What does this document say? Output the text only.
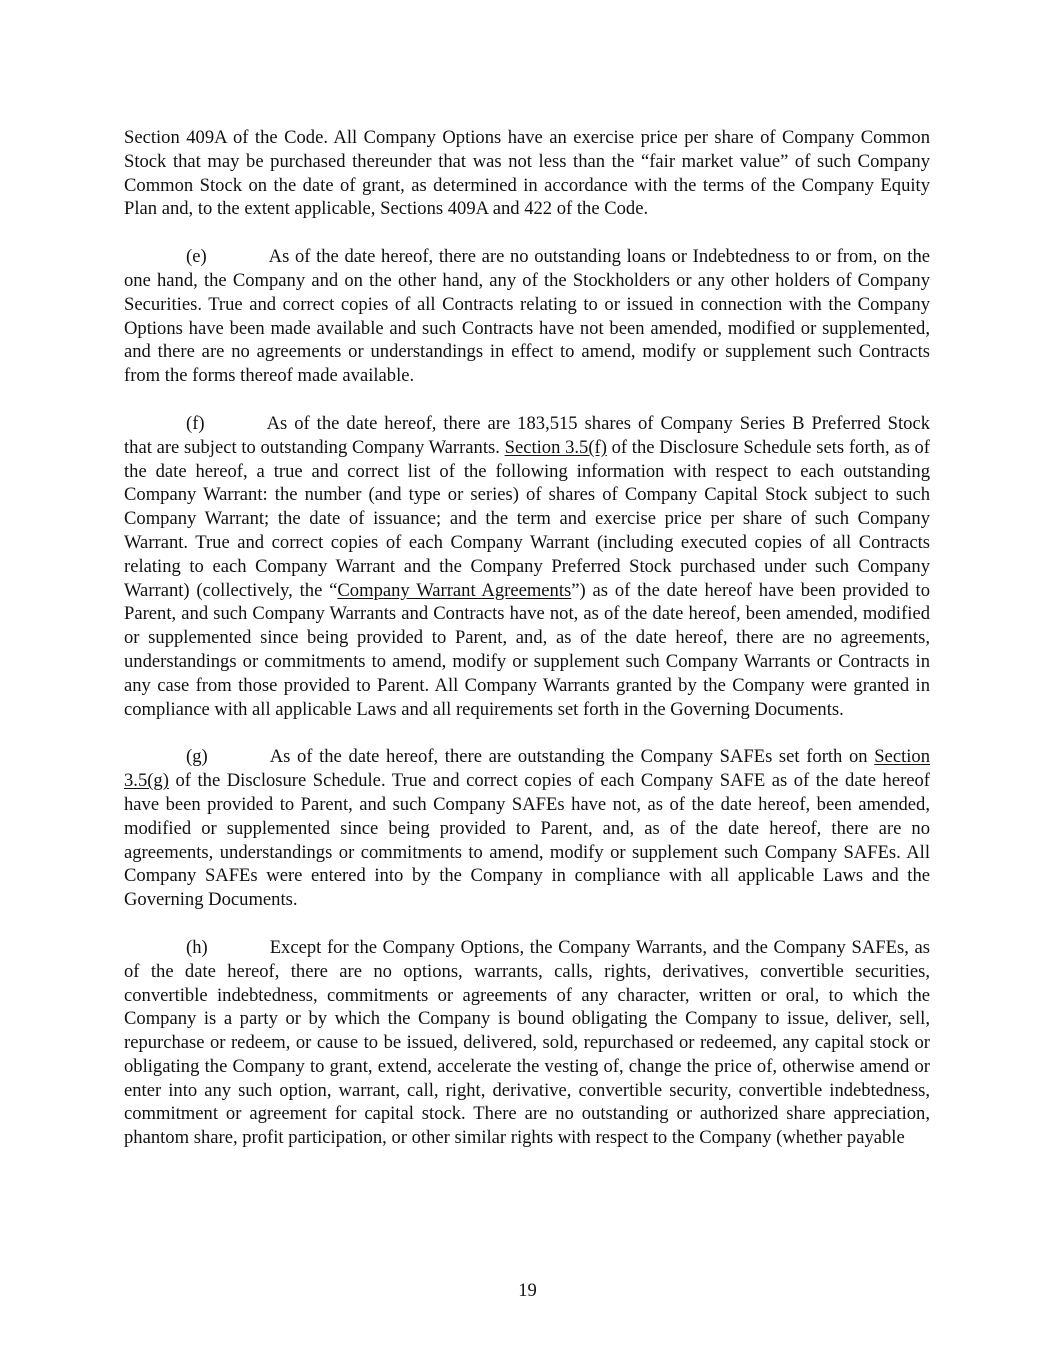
Section 409A of the Code. All Company Options have an exercise price per share of Company Common Stock that may be purchased thereunder that was not less than the “fair market value” of such Company Common Stock on the date of grant, as determined in accordance with the terms of the Company Equity Plan and, to the extent applicable, Sections 409A and 422 of the Code.

(e)	As of the date hereof, there are no outstanding loans or Indebtedness to or from, on the one hand, the Company and on the other hand, any of the Stockholders or any other holders of Company Securities. True and correct copies of all Contracts relating to or issued in connection with the Company Options have been made available and such Contracts have not been amended, modified or supplemented, and there are no agreements or understandings in effect to amend, modify or supplement such Contracts from the forms thereof made available.

(f)	As of the date hereof, there are 183,515 shares of Company Series B Preferred Stock that are subject to outstanding Company Warrants. Section 3.5(f) of the Disclosure Schedule sets forth, as of the date hereof, a true and correct list of the following information with respect to each outstanding Company Warrant: the number (and type or series) of shares of Company Capital Stock subject to such Company Warrant; the date of issuance; and the term and exercise price per share of such Company Warrant. True and correct copies of each Company Warrant (including executed copies of all Contracts relating to each Company Warrant and the Company Preferred Stock purchased under such Company Warrant) (collectively, the “Company Warrant Agreements”) as of the date hereof have been provided to Parent, and such Company Warrants and Contracts have not, as of the date hereof, been amended, modified or supplemented since being provided to Parent, and, as of the date hereof, there are no agreements, understandings or commitments to amend, modify or supplement such Company Warrants or Contracts in any case from those provided to Parent. All Company Warrants granted by the Company were granted in compliance with all applicable Laws and all requirements set forth in the Governing Documents.

(g)	As of the date hereof, there are outstanding the Company SAFEs set forth on Section 3.5(g) of the Disclosure Schedule. True and correct copies of each Company SAFE as of the date hereof have been provided to Parent, and such Company SAFEs have not, as of the date hereof, been amended, modified or supplemented since being provided to Parent, and, as of the date hereof, there are no agreements, understandings or commitments to amend, modify or supplement such Company SAFEs. All Company SAFEs were entered into by the Company in compliance with all applicable Laws and the Governing Documents.

(h)	Except for the Company Options, the Company Warrants, and the Company SAFEs, as of the date hereof, there are no options, warrants, calls, rights, derivatives, convertible securities, convertible indebtedness, commitments or agreements of any character, written or oral, to which the Company is a party or by which the Company is bound obligating the Company to issue, deliver, sell, repurchase or redeem, or cause to be issued, delivered, sold, repurchased or redeemed, any capital stock or obligating the Company to grant, extend, accelerate the vesting of, change the price of, otherwise amend or enter into any such option, warrant, call, right, derivative, convertible security, convertible indebtedness, commitment or agreement for capital stock. There are no outstanding or authorized share appreciation, phantom share, profit participation, or other similar rights with respect to the Company (whether payable

19
